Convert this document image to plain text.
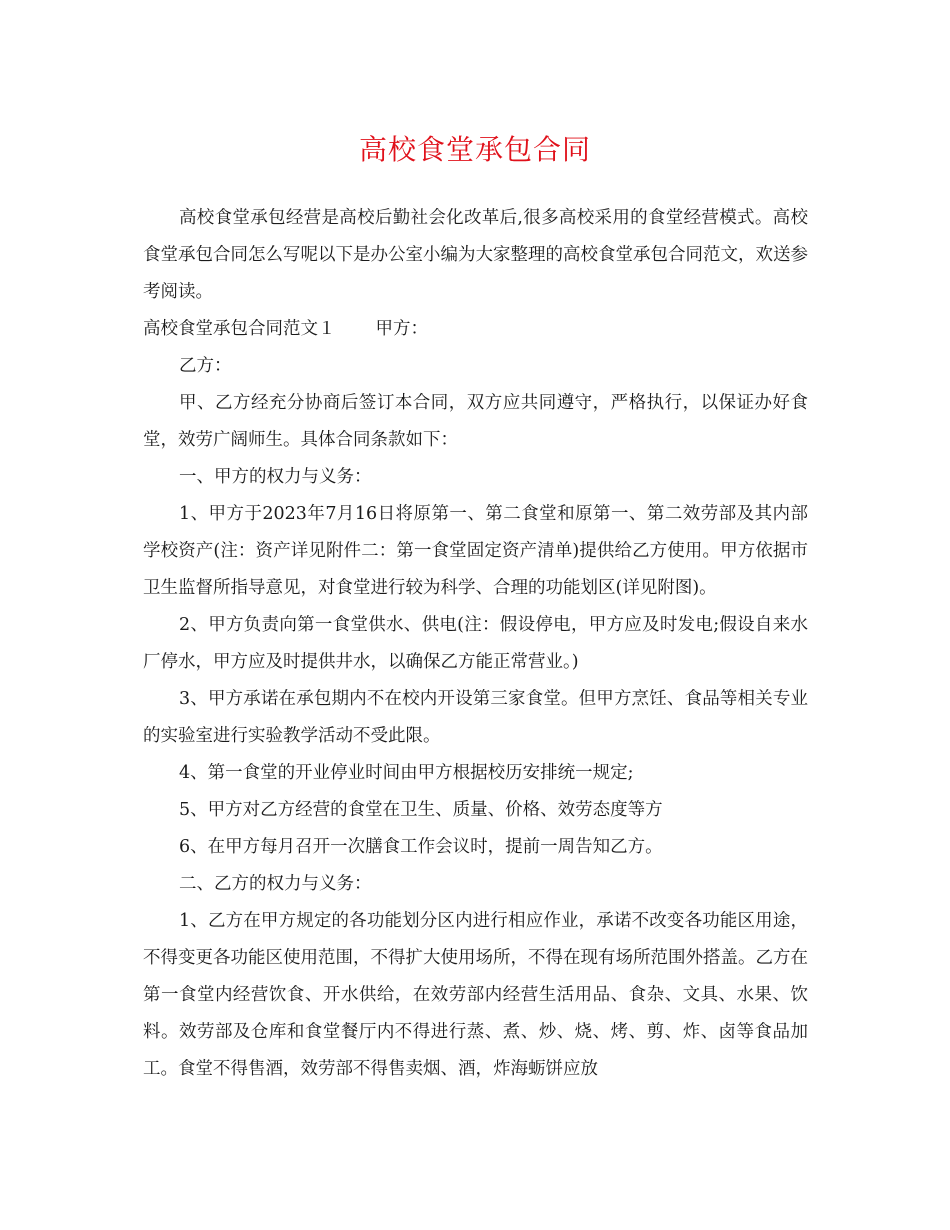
高校食堂承包合同

高校食堂承包经营是高校后勤社会化改革后,很多高校采用的食堂经营模式。高校食堂承包合同怎么写呢以下是办公室小编为大家整理的高校食堂承包合同范文，欢送参考阅读。

高校食堂承包合同范文１ 甲方：

乙方：

甲、乙方经充分协商后签订本合同，双方应共同遵守，严格执行，以保证办好食堂，效劳广阔师生。具体合同条款如下：

一、甲方的权力与义务：

1、甲方于2023年7月16日将原第一、第二食堂和原第一、第二效劳部及其内部学校资产(注：资产详见附件二：第一食堂固定资产清单)提供给乙方使用。甲方依据市卫生监督所指导意见，对食堂进行较为科学、合理的功能划区(详见附图)。

2、甲方负责向第一食堂供水、供电(注：假设停电，甲方应及时发电;假设自来水厂停水，甲方应及时提供井水，以确保乙方能正常营业。)

3、甲方承诺在承包期内不在校内开设第三家食堂。但甲方烹饪、食品等相关专业的实验室进行实验教学活动不受此限。

4、第一食堂的开业停业时间由甲方根据校历安排统一规定;

5、甲方对乙方经营的食堂在卫生、质量、价格、效劳态度等方

6、在甲方每月召开一次膳食工作会议时，提前一周告知乙方。

二、乙方的权力与义务：

1、乙方在甲方规定的各功能划分区内进行相应作业，承诺不改变各功能区用途，不得变更各功能区使用范围，不得扩大使用场所，不得在现有场所范围外搭盖。乙方在第一食堂内经营饮食、开水供给，在效劳部内经营生活用品、食杂、文具、水果、饮料。效劳部及仓库和食堂餐厅内不得进行蒸、煮、炒、烧、烤、剪、炸、卤等食品加工。食堂不得售酒，效劳部不得售卖烟、酒，炸海蛎饼应放
